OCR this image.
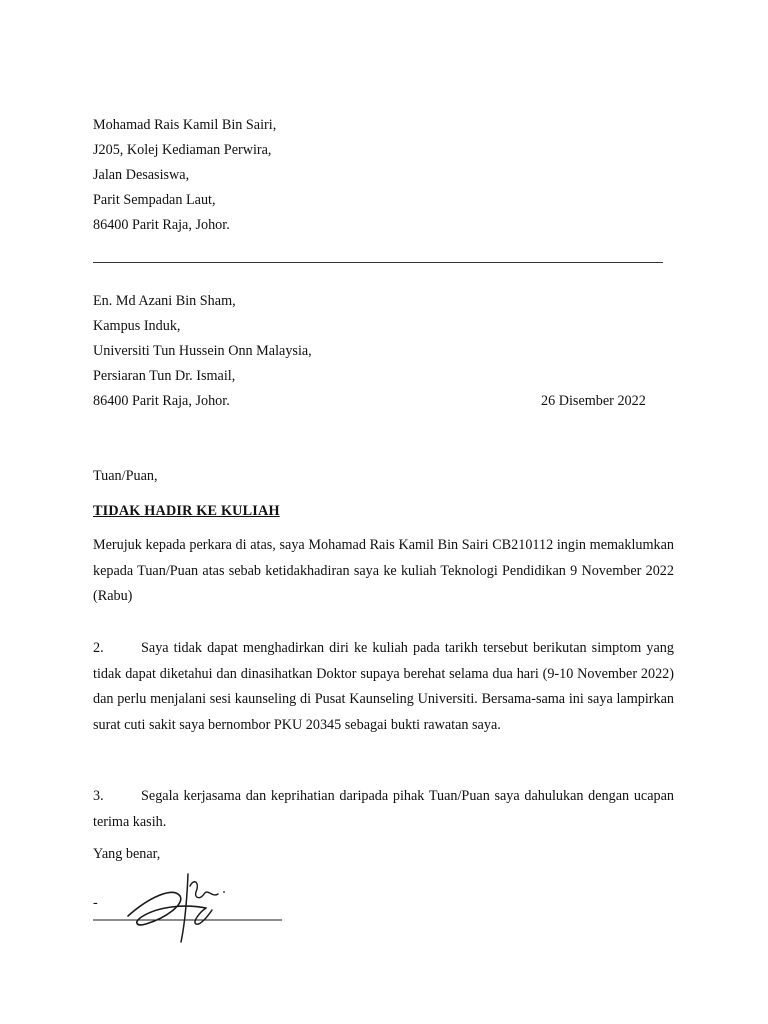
Mohamad Rais Kamil Bin Sairi,
J205, Kolej Kediaman Perwira,
Jalan Desasiswa,
Parit Sempadan Laut,
86400 Parit Raja, Johor.
En. Md Azani Bin Sham,
Kampus Induk,
Universiti Tun Hussein Onn Malaysia,
Persiaran Tun Dr. Ismail,
86400 Parit Raja, Johor.	26 Disember 2022
Tuan/Puan,
TIDAK HADIR KE KULIAH
Merujuk kepada perkara di atas, saya Mohamad Rais Kamil Bin Sairi CB210112 ingin memaklumkan kepada Tuan/Puan atas sebab ketidakhadiran saya ke kuliah Teknologi Pendidikan 9 November 2022 (Rabu)
2.	Saya tidak dapat menghadirkan diri ke kuliah pada tarikh tersebut berikutan simptom yang tidak dapat diketahui dan dinasihatkan Doktor supaya berehat selama dua hari (9-10 November 2022) dan perlu menjalani sesi kaunseling di Pusat Kaunseling Universiti. Bersama-sama ini saya lampirkan surat cuti sakit saya bernombor PKU 20345 sebagai bukti rawatan saya.
3.	Segala kerjasama dan keprihatian daripada pihak Tuan/Puan saya dahulukan dengan ucapan terima kasih.
Yang benar,
-
